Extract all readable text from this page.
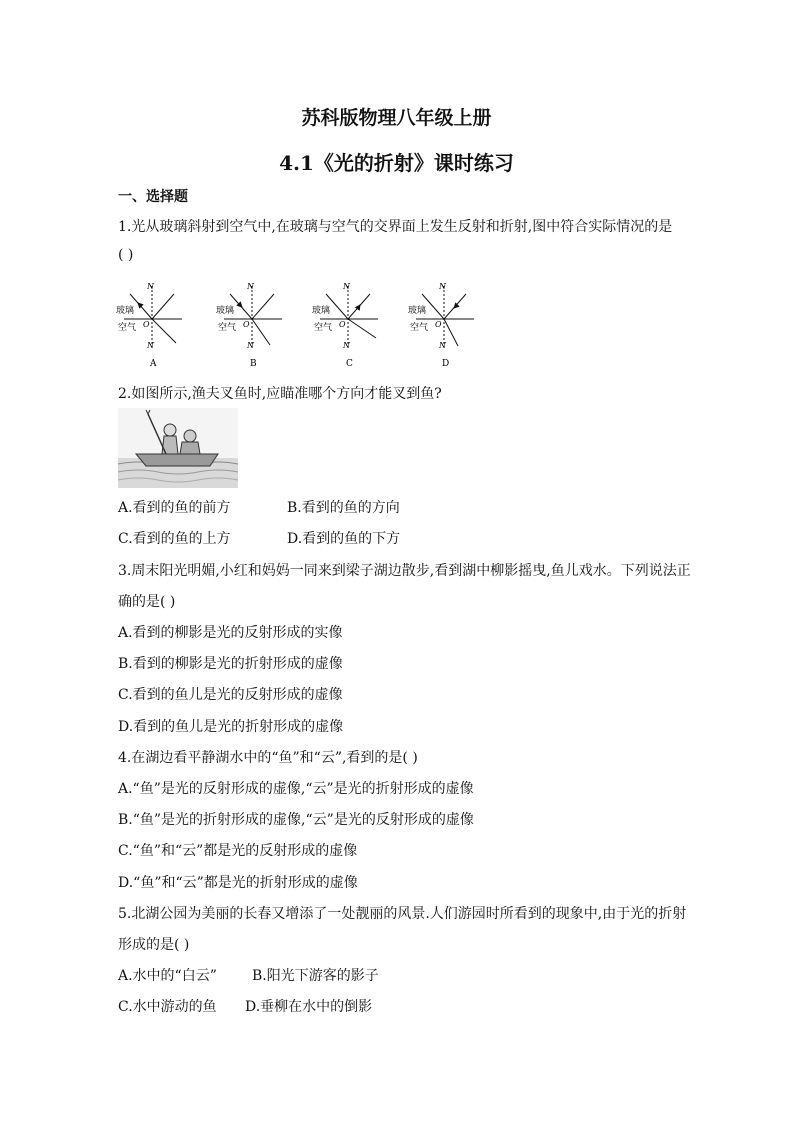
苏科版物理八年级上册
4.1《光的折射》课时练习
一、选择题
1.光从玻璃斜射到空气中,在玻璃与空气的交界面上发生反射和折射,图中符合实际情况的是
( )
N
N
玻璃
空气 O
A
N
N
玻璃
空气 O
B
N
N
玻璃
空气 O
C
N
N
玻璃
空气 O
D
2.如图所示,渔夫叉鱼时,应瞄准哪个方向才能叉到鱼?
A.看到的鱼的前方	B.看到的鱼的方向
C.看到的鱼的上方	D.看到的鱼的下方
3.周末阳光明媚,小红和妈妈一同来到梁子湖边散步,看到湖中柳影摇曳,鱼儿戏水。下列说法正
确的是( )
A.看到的柳影是光的反射形成的实像
B.看到的柳影是光的折射形成的虚像
C.看到的鱼儿是光的反射形成的虚像
D.看到的鱼儿是光的折射形成的虚像
4.在湖边看平静湖水中的“鱼”和“云”,看到的是( )
A.“鱼”是光的反射形成的虚像,“云”是光的折射形成的虚像
B.“鱼”是光的折射形成的虚像,“云”是光的反射形成的虚像
C.“鱼”和“云”都是光的反射形成的虚像
D.“鱼”和“云”都是光的折射形成的虚像
5.北湖公园为美丽的长春又增添了一处靓丽的风景.人们游园时所看到的现象中,由于光的折射
形成的是( )
A.水中的“白云”	B.阳光下游客的影子
C.水中游动的鱼 D.垂柳在水中的倒影
